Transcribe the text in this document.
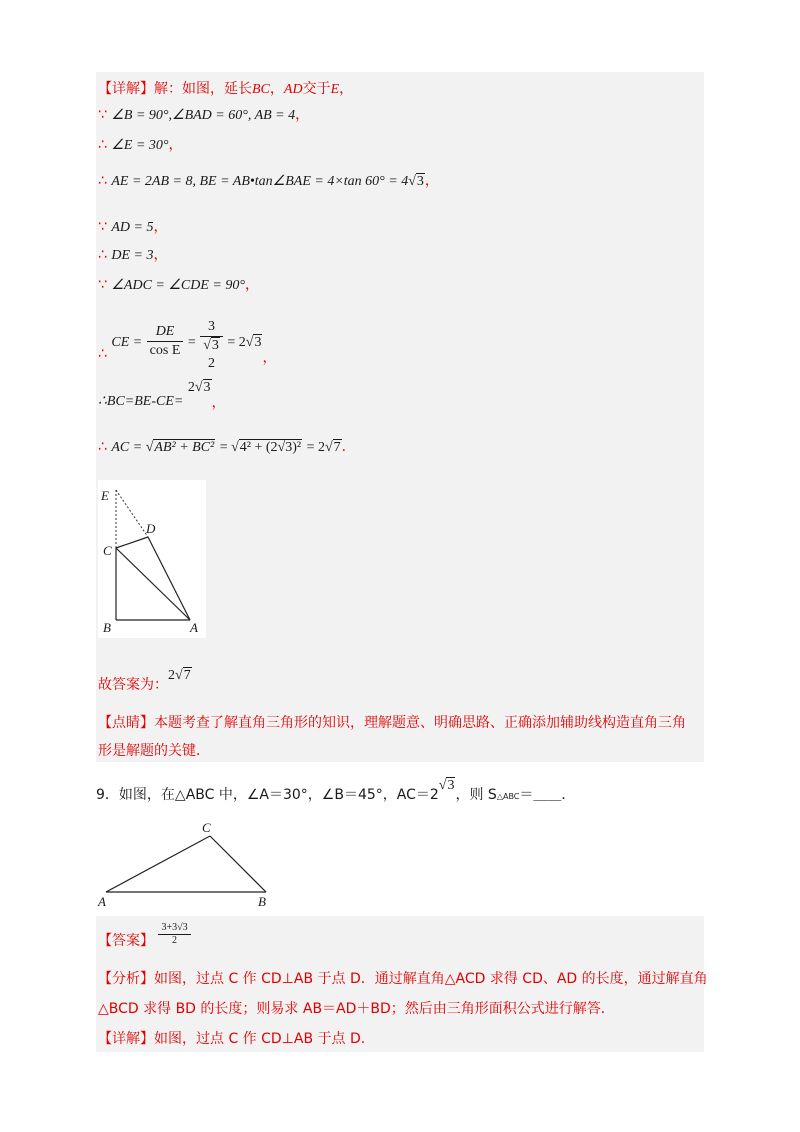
【详解】解：如图，延长BC，AD交于E，
∵ ∠B = 90°,∠BAD = 60°, AB = 4，
∴ ∠E = 30°，
∴ AE = 2AB = 8, BE = AB•tan∠BAE = 4×tan 60° = 4√3，
∵ AD = 5，
∴ DE = 3，
∵ ∠ADC = ∠CDE = 90°，
∴ CE = $\frac{DE}{\text{cos E}}$ =
3
√3
2
= 2√3，
∴BC=BE-CE= 2√3，
∴ AC = √AB² + BC² = √4² + (2√3)² = 2√7．
E
D
C
B	A
故答案为：2√7
【点睛】本题考查了解直角三角形的知识，理解题意、明确思路、正确添加辅助线构造直角三角
形是解题的关键．
9．如图，在△ABC 中，∠A＝30°，∠B＝45°，AC＝2√3，则 S△ABC＝＿＿．
C
A	B
【答案】 $\frac{3+3√3}{2}$
【分析】如图，过点 C 作 CD⊥AB 于点 D．通过解直角△ACD 求得 CD、AD 的长度，通过解直角
△BCD 求得 BD 的长度；则易求 AB＝AD＋BD；然后由三角形面积公式进行解答．
【详解】如图，过点 C 作 CD⊥AB 于点 D.
